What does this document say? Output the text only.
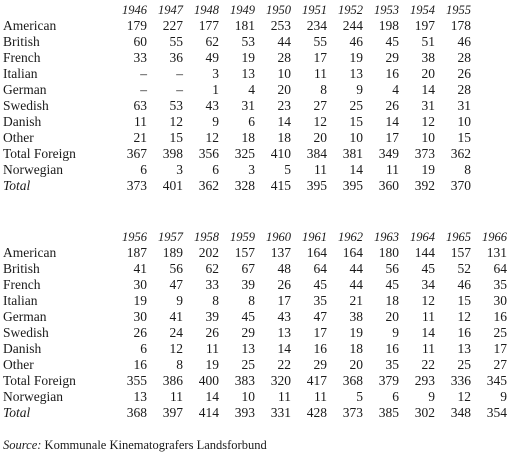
	1946	1947	1948	1949	1950	1951	1952	1953	1954	1955
American	179	227	177	181	253	234	244	198	197	178
British	60	55	62	53	44	55	46	45	51	46
French	33	36	49	19	28	17	19	29	38	28
Italian	–	–	3	13	10	11	13	16	20	26
German	–	–	1	4	20	8	9	4	14	28
Swedish	63	53	43	31	23	27	25	26	31	31
Danish	11	12	9	6	14	12	15	14	12	10
Other	21	15	12	18	18	20	10	17	10	15
Total Foreign	367	398	356	325	410	384	381	349	373	362
Norwegian	6	3	6	3	5	11	14	11	19	8
Total	373	401	362	328	415	395	395	360	392	370
	1956	1957	1958	1959	1960	1961	1962	1963	1964	1965	1966
American	187	189	202	157	137	164	164	180	144	157	131
British	41	56	62	67	48	64	44	56	45	52	64
French	30	47	33	39	26	45	44	45	34	46	35
Italian	19	9	8	8	17	35	21	18	12	15	30
German	30	41	39	45	43	47	38	20	11	12	16
Swedish	26	24	26	29	13	17	19	9	14	16	25
Danish	6	12	11	13	14	16	18	16	11	13	17
Other	16	8	19	25	22	29	20	35	22	25	27
Total Foreign	355	386	400	383	320	417	368	379	293	336	345
Norwegian	13	11	14	10	11	11	5	6	9	12	9
Total	368	397	414	393	331	428	373	385	302	348	354
Source: Kommunale Kinematografers Landsforbund
